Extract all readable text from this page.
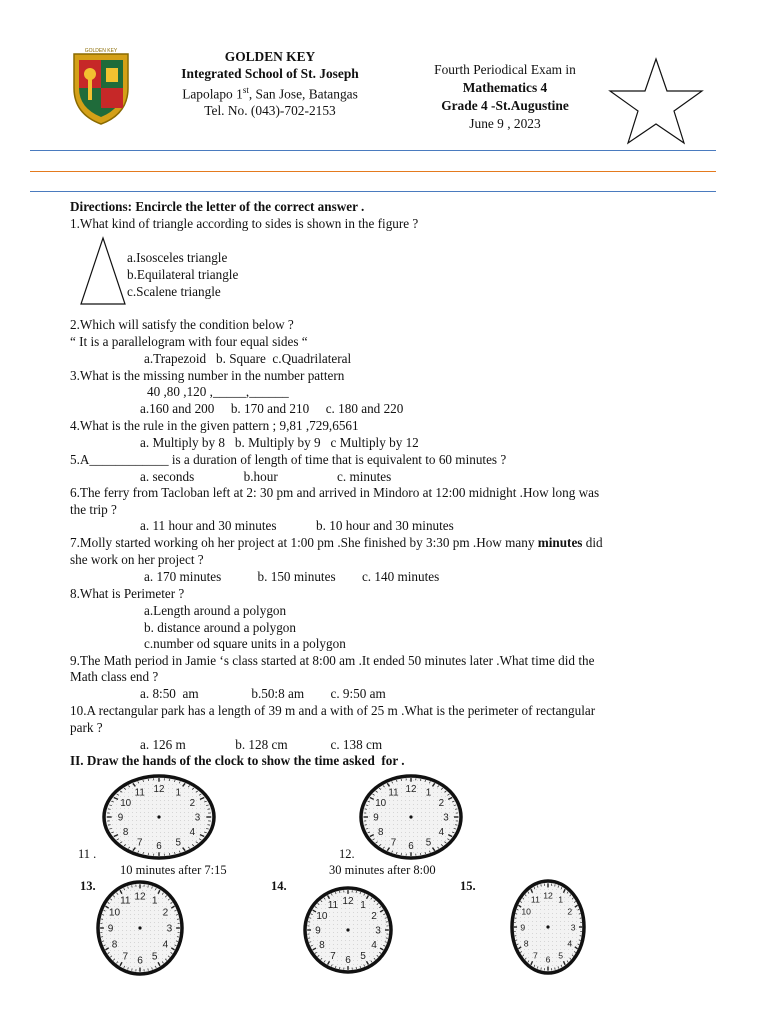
GOLDEN KEY	GOLDEN KEY
Integrated School of St. Joseph
Lapolapo 1st, San Jose, Batangas
Tel. No. (043)-702-2153
Fourth Periodical Exam in
Mathematics 4
Grade 4 -St.Augustine
June 9 , 2023
Directions: Encircle the letter of the correct answer .
1.What kind of triangle according to sides is shown in the figure ?
a.Isosceles triangle
b.Equilateral triangle
c.Scalene triangle
2.Which will satisfy the condition below ?
“ It is a parallelogram with four equal sides “
a.Trapezoid   b. Square  c.Quadrilateral
3.What is the missing number in the number pattern
40 ,80 ,120 ,_____,______
a.160 and 200     b. 170 and 210     c. 180 and 220
4.What is the rule in the given pattern ; 9,81 ,729,6561
a. Multiply by 8   b. Multiply by 9   c Multiply by 12
5.A____________ is a duration of length of time that is equivalent to 60 minutes ?
a. seconds               b.hour                  c. minutes
6.The ferry from Tacloban left at 2: 30 pm and arrived in Mindoro at 12:00 midnight .How long was
the trip ?
a. 11 hour and 30 minutes            b. 10 hour and 30 minutes
7.Molly started working oh her project at 1:00 pm .She finished by 3:30 pm .How many minutes did
she work on her project ?
a. 170 minutes           b. 150 minutes        c. 140 minutes
8.What is Perimeter ?
a.Length around a polygon
b. distance around a polygon
c.number od square units in a polygon
9.The Math period in Jamie ‘s class started at 8:00 am .It ended 50 minutes later .What time did the
Math class end ?
a. 8:50  am                b.50:8 am        c. 9:50 am
10.A rectangular park has a length of 39 m and a with of 25 m .What is the perimeter of rectangular
park ?
a. 126 m               b. 128 cm             c. 138 cm
II. Draw the hands of the clock to show the time asked  for .
12 1
2
3
4
5
6
7
8
9
10
11	12 1
2
3
4
5
6
7
8
9
10
11
12 1
2
3
4
5
6
7
8
9
10
11	12 1
2
3
4
5
6
7
8
9
10
11
12 1
2
3
4
5
6
7
8
9
10
11
11 .	12.
10 minutes after 7:15	30 minutes after 8:00
13.	14.	15.
